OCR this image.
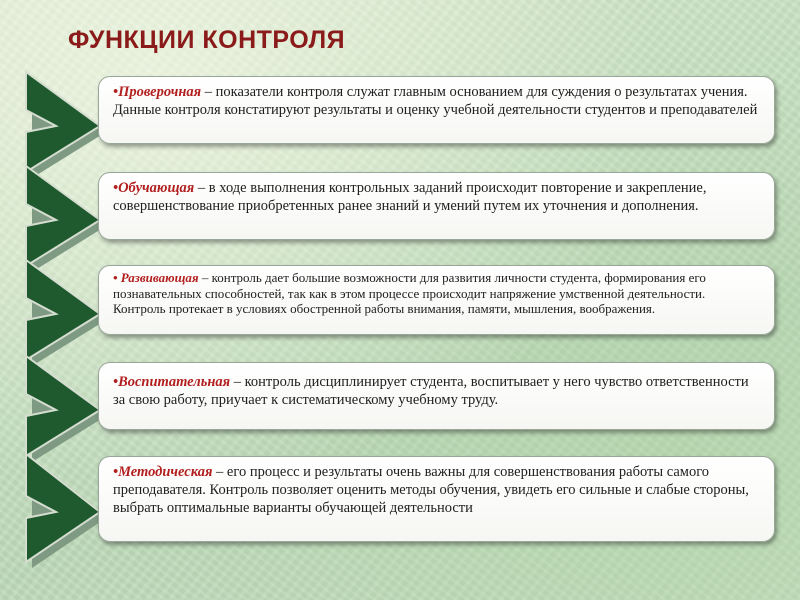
ФУНКЦИИ КОНТРОЛЯ
•Проверочная – показатели контроля служат главным основанием для суждения о результатах учения. Данные контроля констатируют результаты и оценку учебной деятельности студентов и преподавателей
•Обучающая – в ходе выполнения контрольных заданий происходит повторение и закрепление, совершенствование приобретенных ранее знаний и умений путем их уточнения и дополнения.
• Развивающая – контроль дает большие возможности для развития личности студента, формирования его познавательных способностей, так как в этом процессе происходит напряжение умственной деятельности. Контроль протекает в условиях обостренной работы внимания, памяти, мышления, воображения.
•Воспитательная – контроль дисциплинирует студента, воспитывает у него чувство ответственности за свою работу, приучает к систематическому учебному труду.
•Методическая – его процесс и результаты очень важны для совершенствования работы самого преподавателя. Контроль позволяет оценить методы обучения, увидеть его сильные и слабые стороны, выбрать оптимальные варианты обучающей деятельности
